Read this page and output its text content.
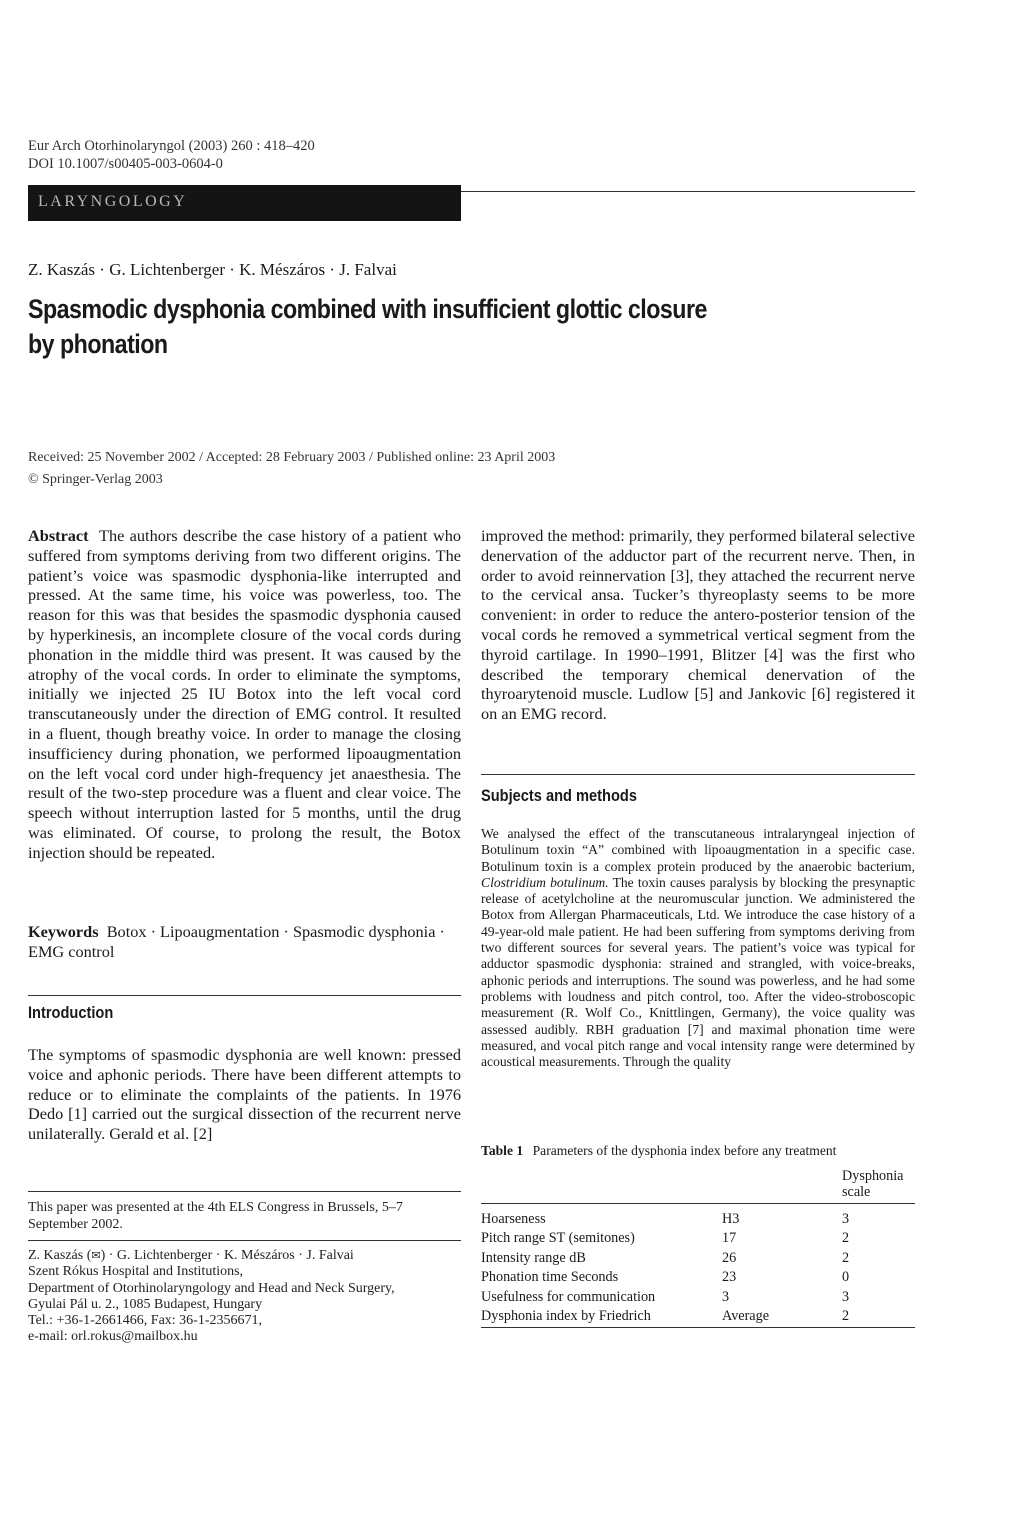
Eur Arch Otorhinolaryngol (2003) 260 : 418–420
DOI 10.1007/s00405-003-0604-0
LARYNGOLOGY
Z. Kaszás · G. Lichtenberger · K. Mészáros · J. Falvai
Spasmodic dysphonia combined with insufficient glottic closure
by phonation
Received: 25 November 2002 / Accepted: 28 February 2003 / Published online: 23 April 2003
© Springer-Verlag 2003
Abstract The authors describe the case history of a patient who suffered from symptoms deriving from two different origins. The patient’s voice was spasmodic dysphonia-like interrupted and pressed. At the same time, his voice was powerless, too. The reason for this was that besides the spasmodic dysphonia caused by hyperkinesis, an incomplete closure of the vocal cords during phonation in the middle third was present. It was caused by the atrophy of the vocal cords. In order to eliminate the symptoms, initially we injected 25 IU Botox into the left vocal cord transcutaneously under the direction of EMG control. It resulted in a fluent, though breathy voice. In order to manage the closing insufficiency during phonation, we performed lipoaugmentation on the left vocal cord under high-frequency jet anaesthesia. The result of the two-step procedure was a fluent and clear voice. The speech without interruption lasted for 5 months, until the drug was eliminated. Of course, to prolong the result, the Botox injection should be repeated.
Keywords Botox · Lipoaugmentation · Spasmodic dysphonia · EMG control
Introduction
The symptoms of spasmodic dysphonia are well known: pressed voice and aphonic periods. There have been different attempts to reduce or to eliminate the complaints of the patients. In 1976 Dedo [1] carried out the surgical dissection of the recurrent nerve unilaterally. Gerald et al. [2]
This paper was presented at the 4th ELS Congress in Brussels, 5–7 September 2002.
Z. Kaszás (✉) · G. Lichtenberger · K. Mészáros · J. Falvai
Szent Rókus Hospital and Institutions,
Department of Otorhinolaryngology and Head and Neck Surgery,
Gyulai Pál u. 2., 1085 Budapest, Hungary
Tel.: +36-1-2661466, Fax: 36-1-2356671,
e-mail: orl.rokus@mailbox.hu
improved the method: primarily, they performed bilateral selective denervation of the adductor part of the recurrent nerve. Then, in order to avoid reinnervation [3], they attached the recurrent nerve to the cervical ansa. Tucker’s thyreoplasty seems to be more convenient: in order to reduce the antero-posterior tension of the vocal cords he removed a symmetrical vertical segment from the thyroid cartilage. In 1990–1991, Blitzer [4] was the first who described the temporary chemical denervation of the thyroarytenoid muscle. Ludlow [5] and Jankovic [6] registered it on an EMG record.
Subjects and methods
We analysed the effect of the transcutaneous intralaryngeal injection of Botulinum toxin “A” combined with lipoaugmentation in a specific case. Botulinum toxin is a complex protein produced by the anaerobic bacterium, Clostridium botulinum. The toxin causes paralysis by blocking the presynaptic release of acetylcholine at the neuromuscular junction. We administered the Botox from Allergan Pharmaceuticals, Ltd. We introduce the case history of a 49-year-old male patient. He had been suffering from symptoms deriving from two different sources for several years. The patient’s voice was typical for adductor spasmodic dysphonia: strained and strangled, with voice-breaks, aphonic periods and interruptions. The sound was powerless, and he had some problems with loudness and pitch control, too. After the video-stroboscopic measurement (R. Wolf Co., Knittlingen, Germany), the voice quality was assessed audibly. RBH graduation [7] and maximal phonation time were measured, and vocal pitch range and vocal intensity range were determined by acoustical measurements. Through the quality
Table 1 Parameters of the dysphonia index before any treatment
		Dysphonia scale

Hoarseness	H3	3
Pitch range ST (semitones)	17	2
Intensity range dB	26	2
Phonation time Seconds	23	0
Usefulness for communication	3	3
Dysphonia index by Friedrich	Average	2
